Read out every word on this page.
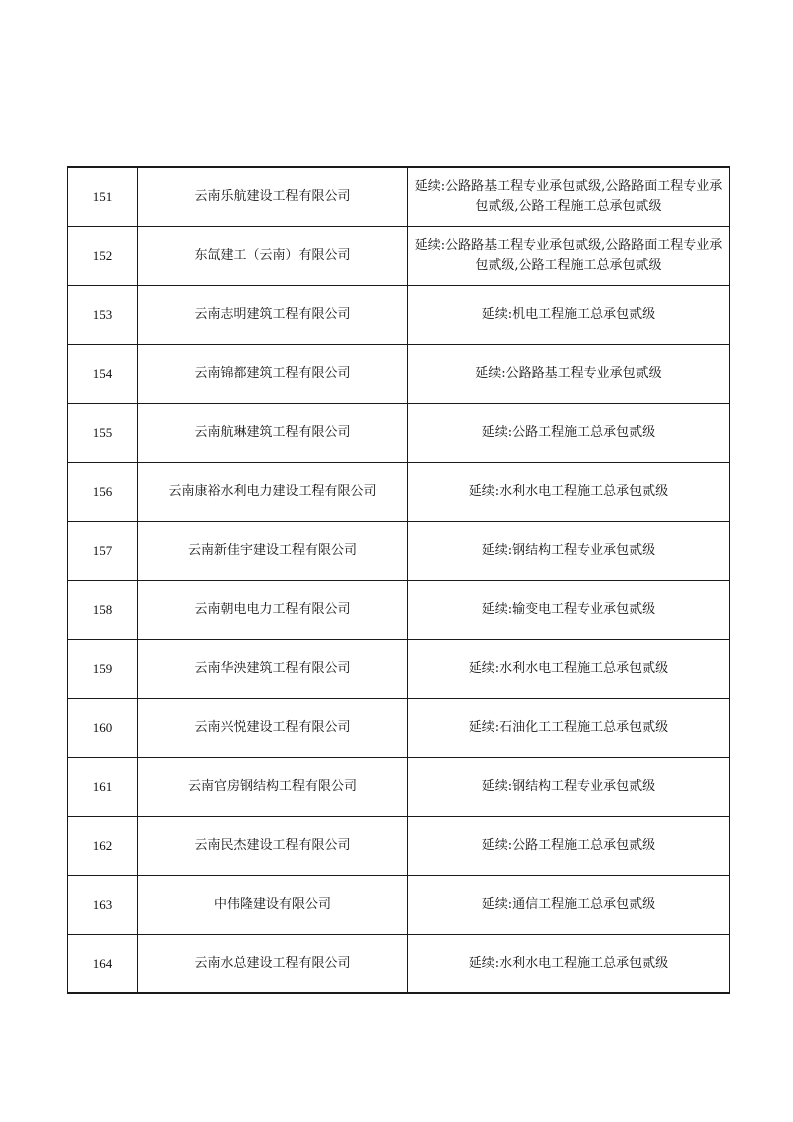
151	云南乐航建设工程有限公司	延续:公路路基工程专业承包贰级,公路路面工程专业承包贰级,公路工程施工总承包贰级
152	东氙建工（云南）有限公司	延续:公路路基工程专业承包贰级,公路路面工程专业承包贰级,公路工程施工总承包贰级
153	云南志明建筑工程有限公司	延续:机电工程施工总承包贰级
154	云南锦都建筑工程有限公司	延续:公路路基工程专业承包贰级
155	云南航琳建筑工程有限公司	延续:公路工程施工总承包贰级
156	云南康裕水利电力建设工程有限公司	延续:水利水电工程施工总承包贰级
157	云南新佳宇建设工程有限公司	延续:钢结构工程专业承包贰级
158	云南朝电电力工程有限公司	延续:输变电工程专业承包贰级
159	云南华泱建筑工程有限公司	延续:水利水电工程施工总承包贰级
160	云南兴悦建设工程有限公司	延续:石油化工工程施工总承包贰级
161	云南官房钢结构工程有限公司	延续:钢结构工程专业承包贰级
162	云南民杰建设工程有限公司	延续:公路工程施工总承包贰级
163	中伟隆建设有限公司	延续:通信工程施工总承包贰级
164	云南水总建设工程有限公司	延续:水利水电工程施工总承包贰级
